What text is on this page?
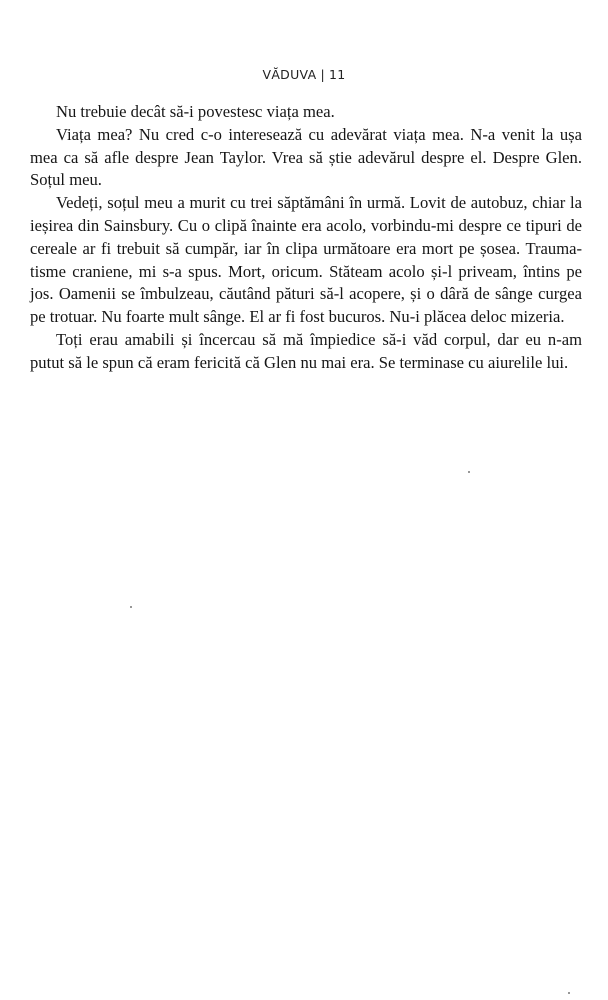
VĂDUVA | 11

Nu trebuie decât să-i povestesc viața mea.

Viața mea? Nu cred c-o interesează cu adevărat viața mea. N-a venit la ușa mea ca să afle despre Jean Taylor. Vrea să știe adevărul despre el. Despre Glen. Soțul meu.

Vedeți, soțul meu a murit cu trei săptămâni în urmă. Lovit de autobuz, chiar la ieșirea din Sainsbury. Cu o clipă înainte era acolo, vorbindu-mi despre ce tipuri de cereale ar fi trebuit să cumpăr, iar în clipa următoare era mort pe șosea. Traumatisme craniene, mi s-a spus. Mort, oricum. Stăteam acolo și-l priveam, întins pe jos. Oamenii se îmbulzeau, căutând pături să-l acopere, și o dâră de sânge curgea pe trotuar. Nu foarte mult sânge. El ar fi fost bucuros. Nu-i plăcea deloc mizeria.

Toți erau amabili și încercau să mă împiedice să-i văd corpul, dar eu n-am putut să le spun că eram fericită că Glen nu mai era. Se terminase cu aiurelile lui.
